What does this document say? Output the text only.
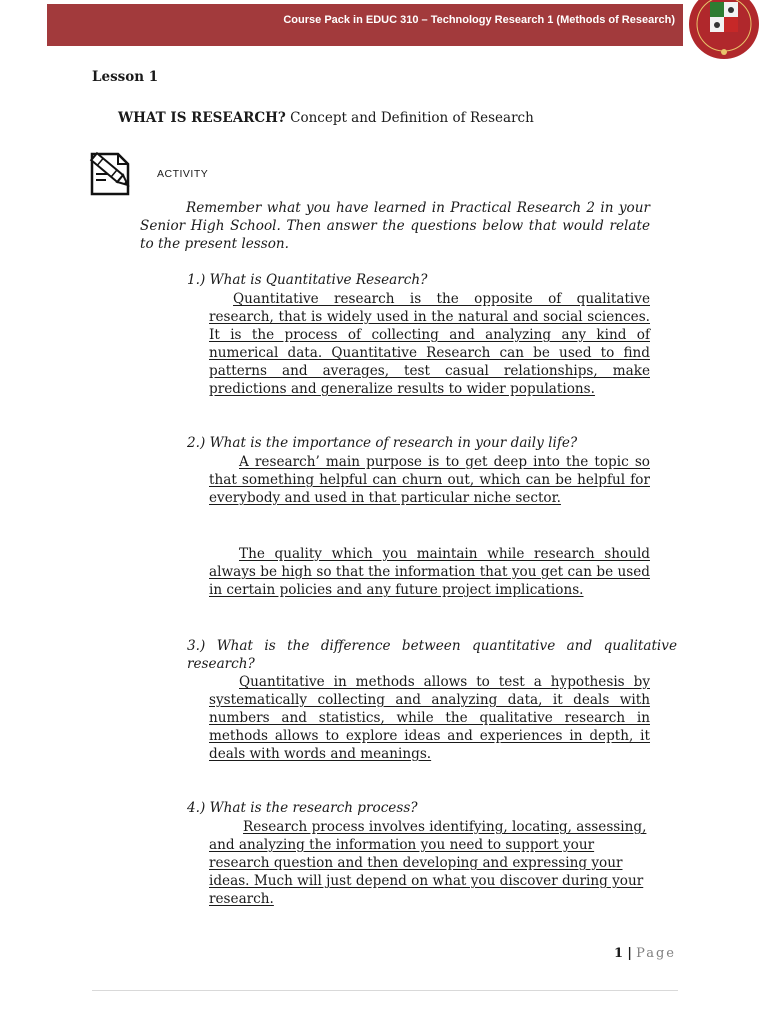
Course Pack in EDUC 310 – Technology Research 1 (Methods of Research)
Lesson 1
WHAT IS RESEARCH? Concept and Definition of Research
ACTIVITY
Remember what you have learned in Practical Research 2 in your Senior High School. Then answer the questions below that would relate to the present lesson.
1.) What is Quantitative Research?
Quantitative research is the opposite of qualitative research, that is widely used in the natural and social sciences. It is the process of collecting and analyzing any kind of numerical data. Quantitative Research can be used to find patterns and averages, test casual relationships, make predictions and generalize results to wider populations.
2.) What is the importance of research in your daily life?
A research’ main purpose is to get deep into the topic so that something helpful can churn out, which can be helpful for everybody and used in that particular niche sector.
The quality which you maintain while research should always be high so that the information that you get can be used in certain policies and any future project implications.
3.) What is the difference between quantitative and qualitative research?
Quantitative in methods allows to test a hypothesis by systematically collecting and analyzing data, it deals with numbers and statistics, while the qualitative research in methods allows to explore ideas and experiences in depth, it deals with words and meanings.
4.) What is the research process?
Research process involves identifying, locating, assessing, and analyzing the information you need to support your research question and then developing and expressing your ideas. Much will just depend on what you discover during your research.
1 | Page
